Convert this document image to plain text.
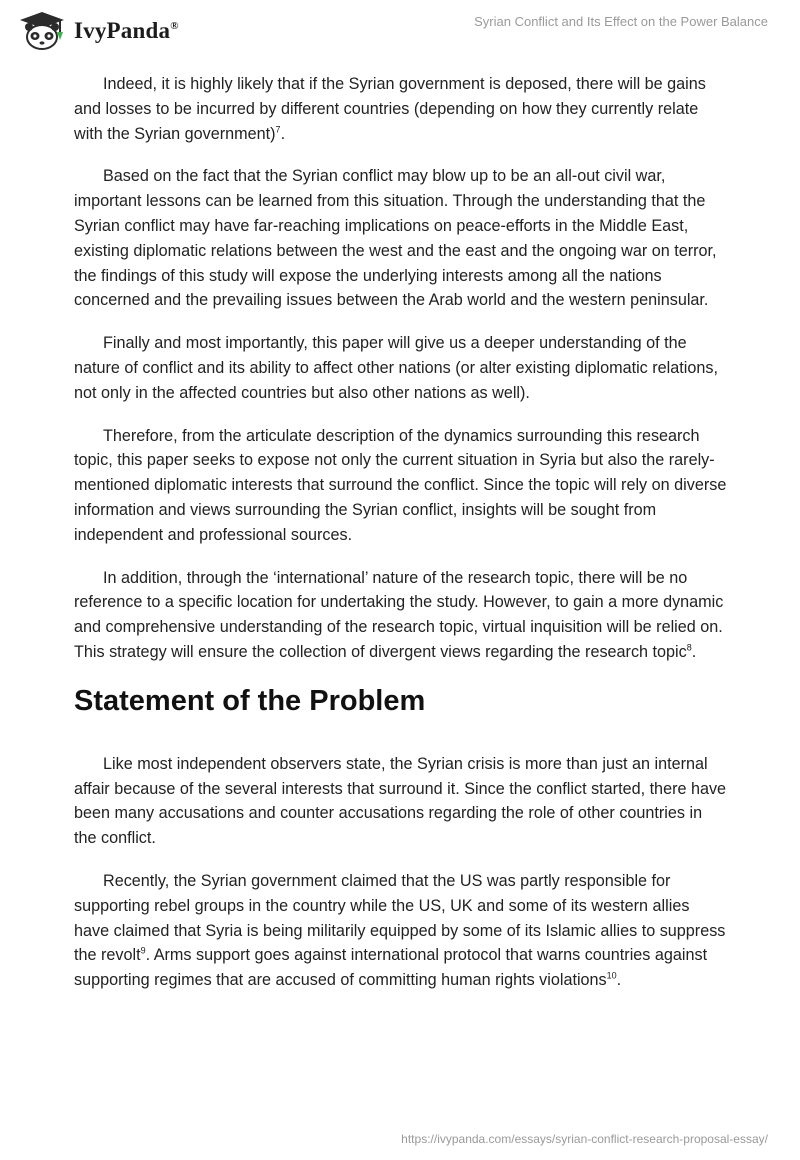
IvyPanda®	Syrian Conflict and Its Effect on the Power Balance

Indeed, it is highly likely that if the Syrian government is deposed, there will be gains and losses to be incurred by different countries (depending on how they currently relate with the Syrian government)$^7$.

Based on the fact that the Syrian conflict may blow up to be an all-out civil war, important lessons can be learned from this situation. Through the understanding that the Syrian conflict may have far-reaching implications on peace-efforts in the Middle East, existing diplomatic relations between the west and the east and the ongoing war on terror, the findings of this study will expose the underlying interests among all the nations concerned and the prevailing issues between the Arab world and the western peninsular.

Finally and most importantly, this paper will give us a deeper understanding of the nature of conflict and its ability to affect other nations (or alter existing diplomatic relations, not only in the affected countries but also other nations as well).

Therefore, from the articulate description of the dynamics surrounding this research topic, this paper seeks to expose not only the current situation in Syria but also the rarely-mentioned diplomatic interests that surround the conflict. Since the topic will rely on diverse information and views surrounding the Syrian conflict, insights will be sought from independent and professional sources.

In addition, through the ‘international’ nature of the research topic, there will be no reference to a specific location for undertaking the study. However, to gain a more dynamic and comprehensive understanding of the research topic, virtual inquisition will be relied on. This strategy will ensure the collection of divergent views regarding the research topic$^8$.

Statement of the Problem

Like most independent observers state, the Syrian crisis is more than just an internal affair because of the several interests that surround it. Since the conflict started, there have been many accusations and counter accusations regarding the role of other countries in the conflict.

Recently, the Syrian government claimed that the US was partly responsible for supporting rebel groups in the country while the US, UK and some of its western allies have claimed that Syria is being militarily equipped by some of its Islamic allies to suppress the revolt$^9$. Arms support goes against international protocol that warns countries against supporting regimes that are accused of committing human rights violations$^{10}$.

https://ivypanda.com/essays/syrian-conflict-research-proposal-essay/
